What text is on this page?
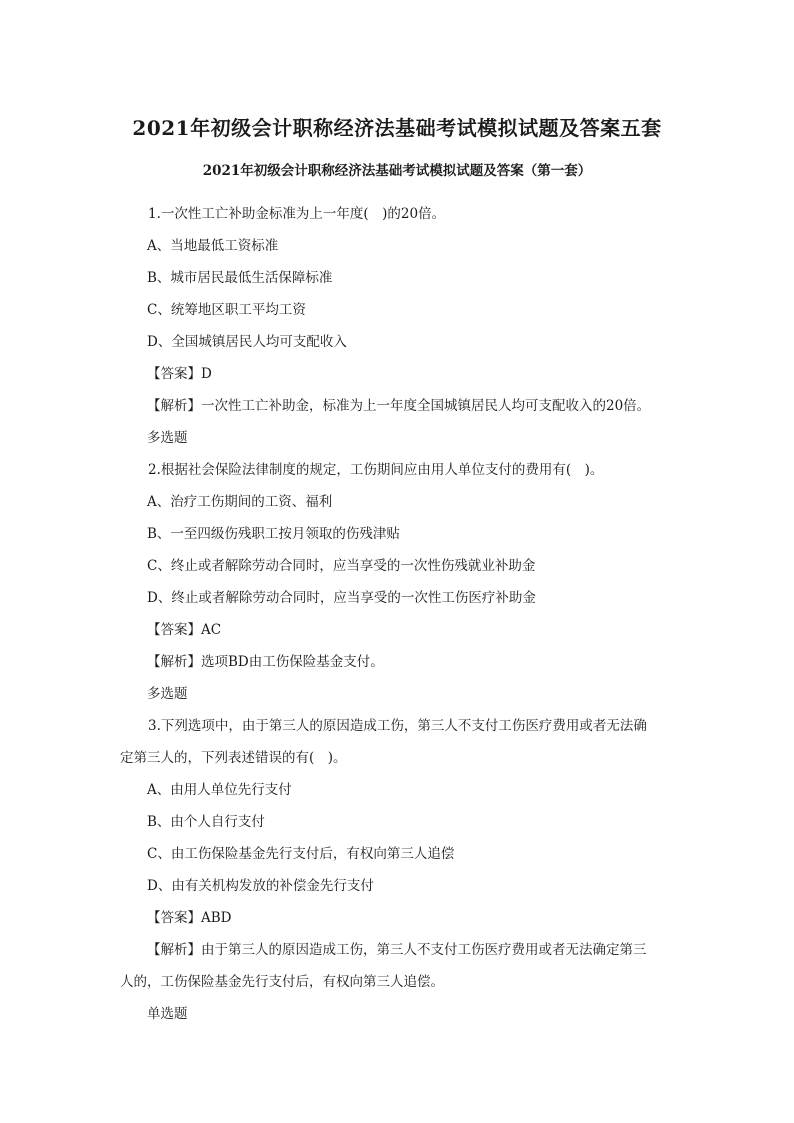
2021年初级会计职称经济法基础考试模拟试题及答案五套
2021年初级会计职称经济法基础考试模拟试题及答案（第一套）

1.一次性工亡补助金标准为上一年度(　)的20倍。

A、当地最低工资标准

B、城市居民最低生活保障标准

C、统筹地区职工平均工资

D、全国城镇居民人均可支配收入

【答案】D

【解析】一次性工亡补助金，标准为上一年度全国城镇居民人均可支配收入的20倍。

多选题

2.根据社会保险法律制度的规定，工伤期间应由用人单位支付的费用有(　)。

A、治疗工伤期间的工资、福利

B、一至四级伤残职工按月领取的伤残津贴

C、终止或者解除劳动合同时，应当享受的一次性伤残就业补助金

D、终止或者解除劳动合同时，应当享受的一次性工伤医疗补助金

【答案】AC

【解析】选项BD由工伤保险基金支付。

多选题

3.下列选项中，由于第三人的原因造成工伤，第三人不支付工伤医疗费用或者无法确

定第三人的，下列表述错误的有(　)。

A、由用人单位先行支付

B、由个人自行支付

C、由工伤保险基金先行支付后，有权向第三人追偿

D、由有关机构发放的补偿金先行支付

【答案】ABD

【解析】由于第三人的原因造成工伤，第三人不支付工伤医疗费用或者无法确定第三

人的，工伤保险基金先行支付后，有权向第三人追偿。

单选题
